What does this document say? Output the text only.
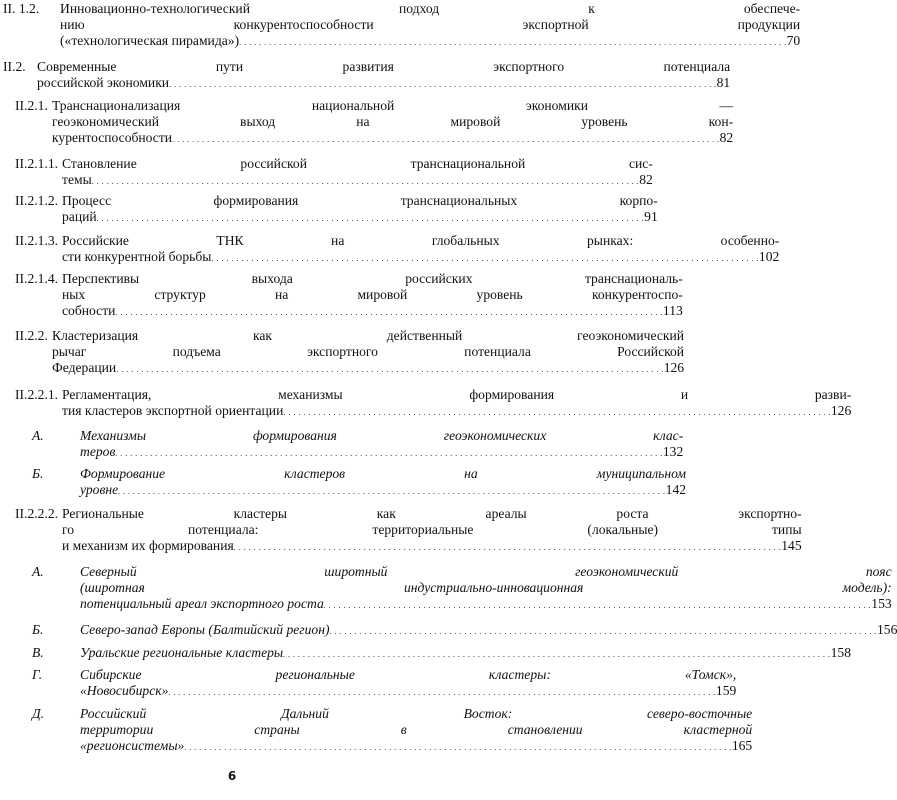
II. 1.2.	Инновационно-технологический подход к обеспече-
нию конкурентоспособности экспортной продукции
(«технологическая пирамида») . . .	70
II.2. Современные пути развития экспортного потенциала
российской экономики . . .	81
II.2.1. Транснационализация национальной экономики —
геоэкономический выход на мировой уровень кон-
курентоспособности . . .	82
II.2.1.1. Становление российской транснациональной сис-
темы . . .	82
II.2.1.2. Процесс формирования транснациональных корпо-
раций . . .	91
II.2.1.3. Российские ТНК на глобальных рынках: особенно-
сти конкурентной борьбы . . .	102
II.2.1.4. Перспективы выхода российских транснациональ-
ных структур на мировой уровень конкурентоспо-
собности . . .	113
II.2.2. Кластеризация как действенный геоэкономический
рычаг подъема экспортного потенциала Российской
Федерации . . .	126
II.2.2.1. Регламентация, механизмы формирования и разви-
тия кластеров экспортной ориентации . . .	126
А.	Механизмы формирования геоэкономических клас-
теров . . .	132
Б.	Формирование кластеров на муниципальном
уровне . . .	142
II.2.2.2. Региональные кластеры как ареалы роста экспортно-
го потенциала: территориальные (локальные) типы
и механизм их формирования . . .	145
А.	Северный широтный геоэкономический пояс
(широтная индустриально-инновационная модель):
потенциальный ареал экспортного роста . . .	153
Б.	Северо-запад Европы (Балтийский регион) . . .	156
В.	Уральские региональные кластеры . . .	158
Г.	Сибирские региональные кластеры: «Томск»,
«Новосибирск» . . .	159
Д.	Российский Дальний Восток: северо-восточные
территории страны в становлении кластерной
«регионсистемы» . . .	165
6
